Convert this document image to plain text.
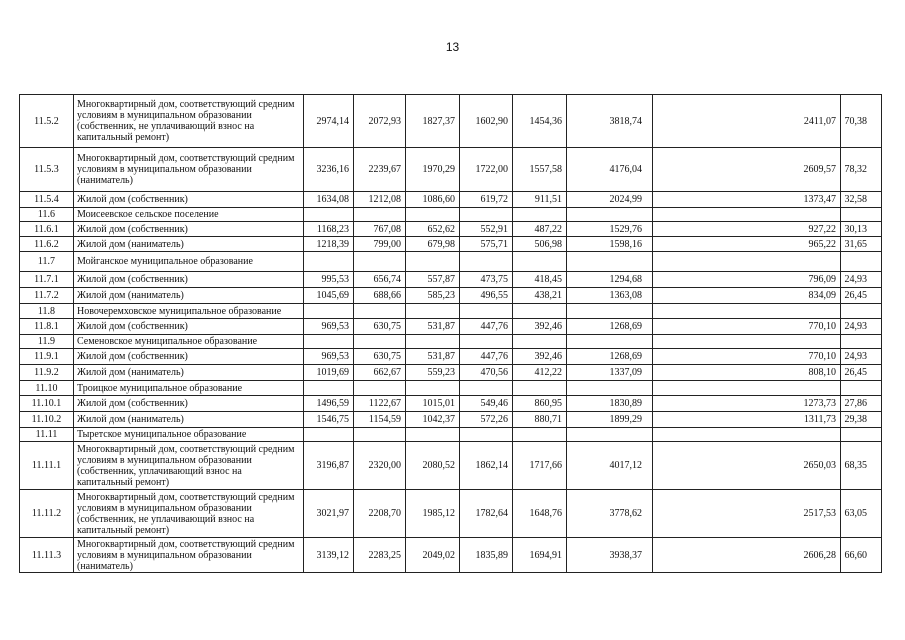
13
11.5.2	Многоквартирный дом, соответствующий средним условиям в муниципальном образовании (собственник, не уплачивающий взнос на капитальный ремонт)	2974,14	2072,93	1827,37	1602,90	1454,36	3818,74	2411,07	70,38
11.5.3	Многоквартирный дом, соответствующий средним условиям в муниципальном образовании (наниматель)	3236,16	2239,67	1970,29	1722,00	1557,58	4176,04	2609,57	78,32
11.5.4	Жилой дом (собственник)	1634,08	1212,08	1086,60	619,72	911,51	2024,99	1373,47	32,58
11.6	Моисеевское сельское поселение								
11.6.1	Жилой дом (собственник)	1168,23	767,08	652,62	552,91	487,22	1529,76	927,22	30,13
11.6.2	Жилой дом (наниматель)	1218,39	799,00	679,98	575,71	506,98	1598,16	965,22	31,65
11.7	Мойганское муниципальное образование								
11.7.1	Жилой дом (собственник)	995,53	656,74	557,87	473,75	418,45	1294,68	796,09	24,93
11.7.2	Жилой дом (наниматель)	1045,69	688,66	585,23	496,55	438,21	1363,08	834,09	26,45
11.8	Новочеремховское муниципальное образование								
11.8.1	Жилой дом (собственник)	969,53	630,75	531,87	447,76	392,46	1268,69	770,10	24,93
11.9	Семеновское муниципальное образование								
11.9.1	Жилой дом (собственник)	969,53	630,75	531,87	447,76	392,46	1268,69	770,10	24,93
11.9.2	Жилой дом (наниматель)	1019,69	662,67	559,23	470,56	412,22	1337,09	808,10	26,45
11.10	Троицкое муниципальное образование								
11.10.1	Жилой дом (собственник)	1496,59	1122,67	1015,01	549,46	860,95	1830,89	1273,73	27,86
11.10.2	Жилой дом (наниматель)	1546,75	1154,59	1042,37	572,26	880,71	1899,29	1311,73	29,38
11.11	Тыретское муниципальное образование								
11.11.1	Многоквартирный дом, соответствующий средним условиям в муниципальном образовании (собственник, уплачивающий взнос на капитальный ремонт)	3196,87	2320,00	2080,52	1862,14	1717,66	4017,12	2650,03	68,35
11.11.2	Многоквартирный дом, соответствующий средним условиям в муниципальном образовании (собственник, не уплачивающий взнос на капитальный ремонт)	3021,97	2208,70	1985,12	1782,64	1648,76	3778,62	2517,53	63,05
11.11.3	Многоквартирный дом, соответствующий средним условиям в муниципальном образовании (наниматель)	3139,12	2283,25	2049,02	1835,89	1694,91	3938,37	2606,28	66,60
